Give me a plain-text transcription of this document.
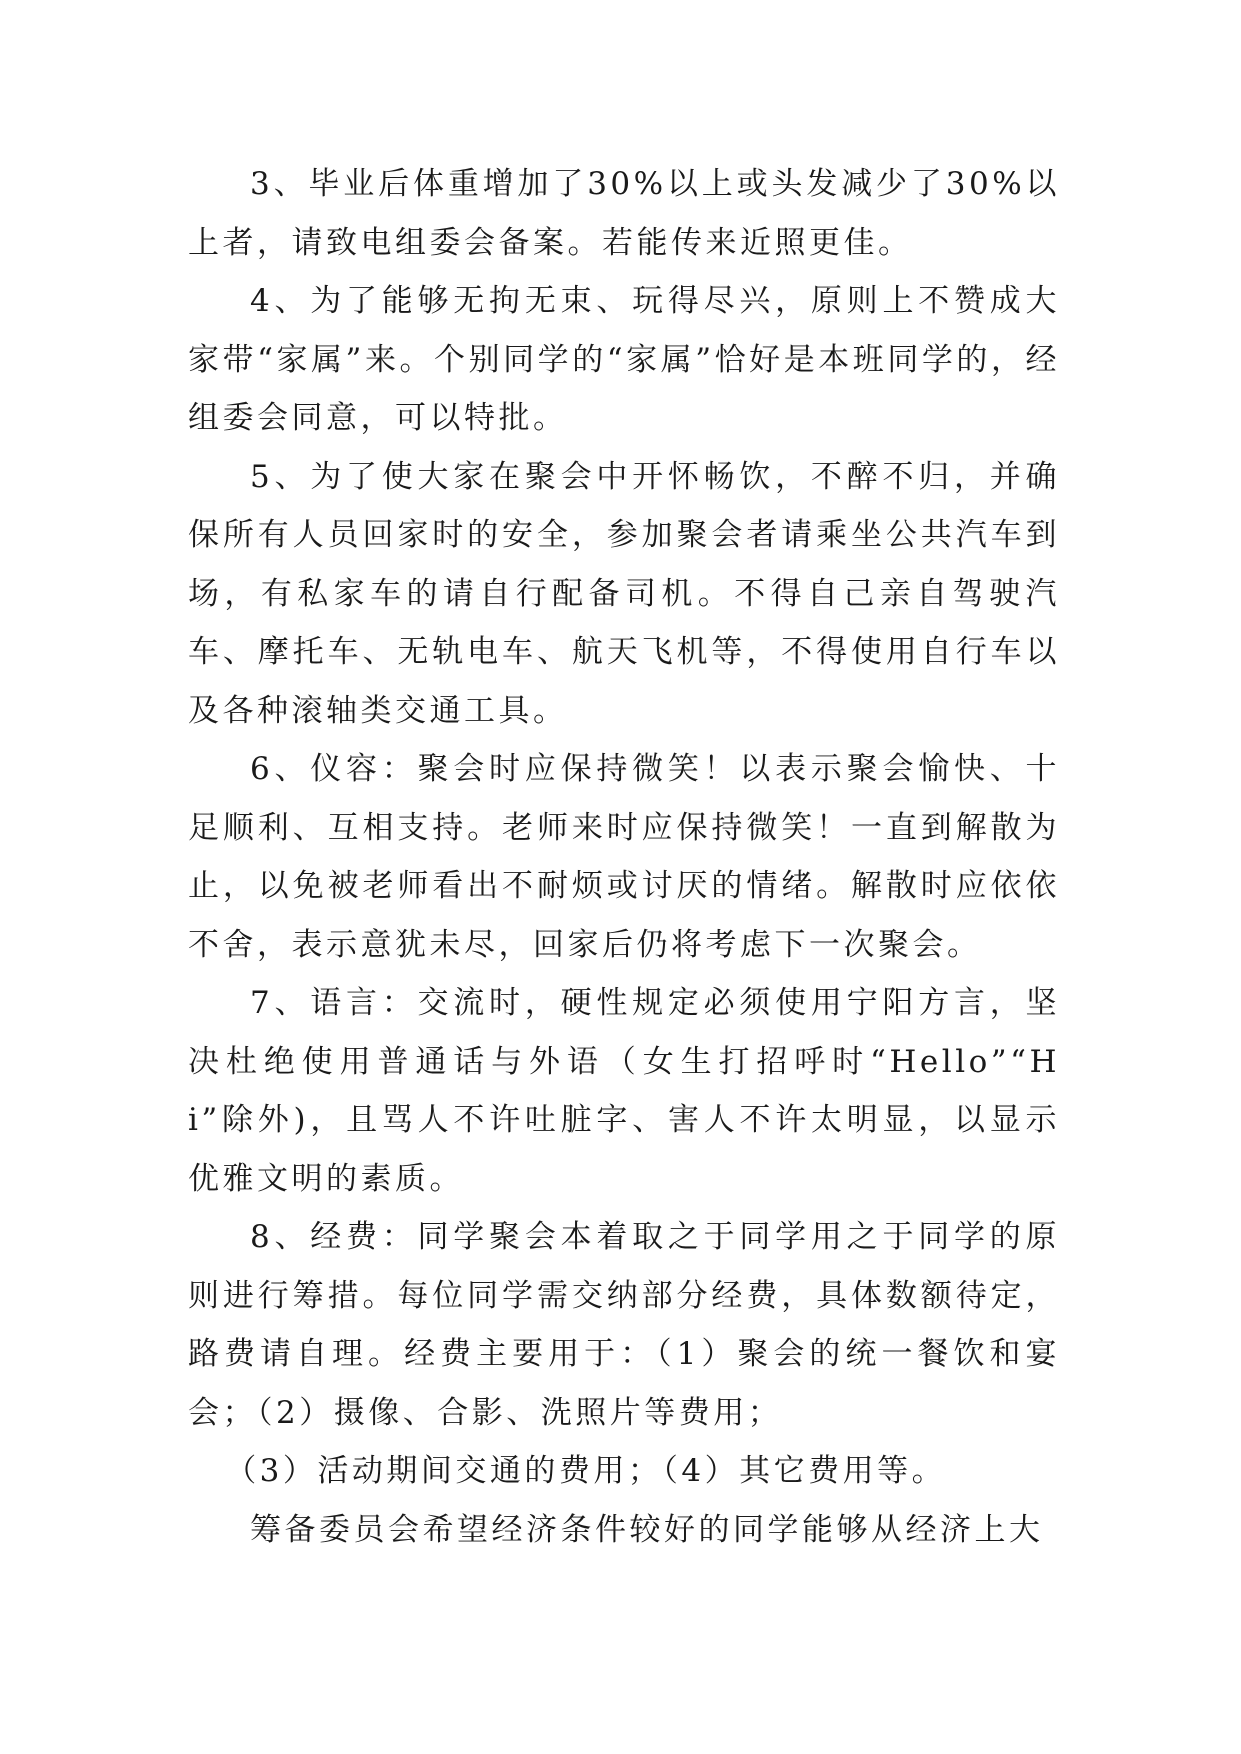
3、毕业后体重增加了30%以上或头发减少了30%以上者，请致电组委会备案。若能传来近照更佳。

4、为了能够无拘无束、玩得尽兴，原则上不赞成大家带“家属”来。个别同学的“家属”恰好是本班同学的，经组委会同意，可以特批。

5、为了使大家在聚会中开怀畅饮，不醉不归，并确保所有人员回家时的安全，参加聚会者请乘坐公共汽车到场，有私家车的请自行配备司机。不得自己亲自驾驶汽车、摩托车、无轨电车、航天飞机等，不得使用自行车以及各种滚轴类交通工具。

6、仪容：聚会时应保持微笑！以表示聚会愉快、十足顺利、互相支持。老师来时应保持微笑！一直到解散为止，以免被老师看出不耐烦或讨厌的情绪。解散时应依依不舍，表示意犹未尽，回家后仍将考虑下一次聚会。

7、语言：交流时，硬性规定必须使用宁阳方言，坚决杜绝使用普通话与外语（女生打招呼时“Hello”“Hi”除外)，且骂人不许吐脏字、害人不许太明显，以显示优雅文明的素质。

8、经费：同学聚会本着取之于同学用之于同学的原则进行筹措。每位同学需交纳部分经费，具体数额待定，路费请自理。经费主要用于：（1）聚会的统一餐饮和宴会；（2）摄像、合影、洗照片等费用；

（3）活动期间交通的费用；（4）其它费用等。

筹备委员会希望经济条件较好的同学能够从经济上大
